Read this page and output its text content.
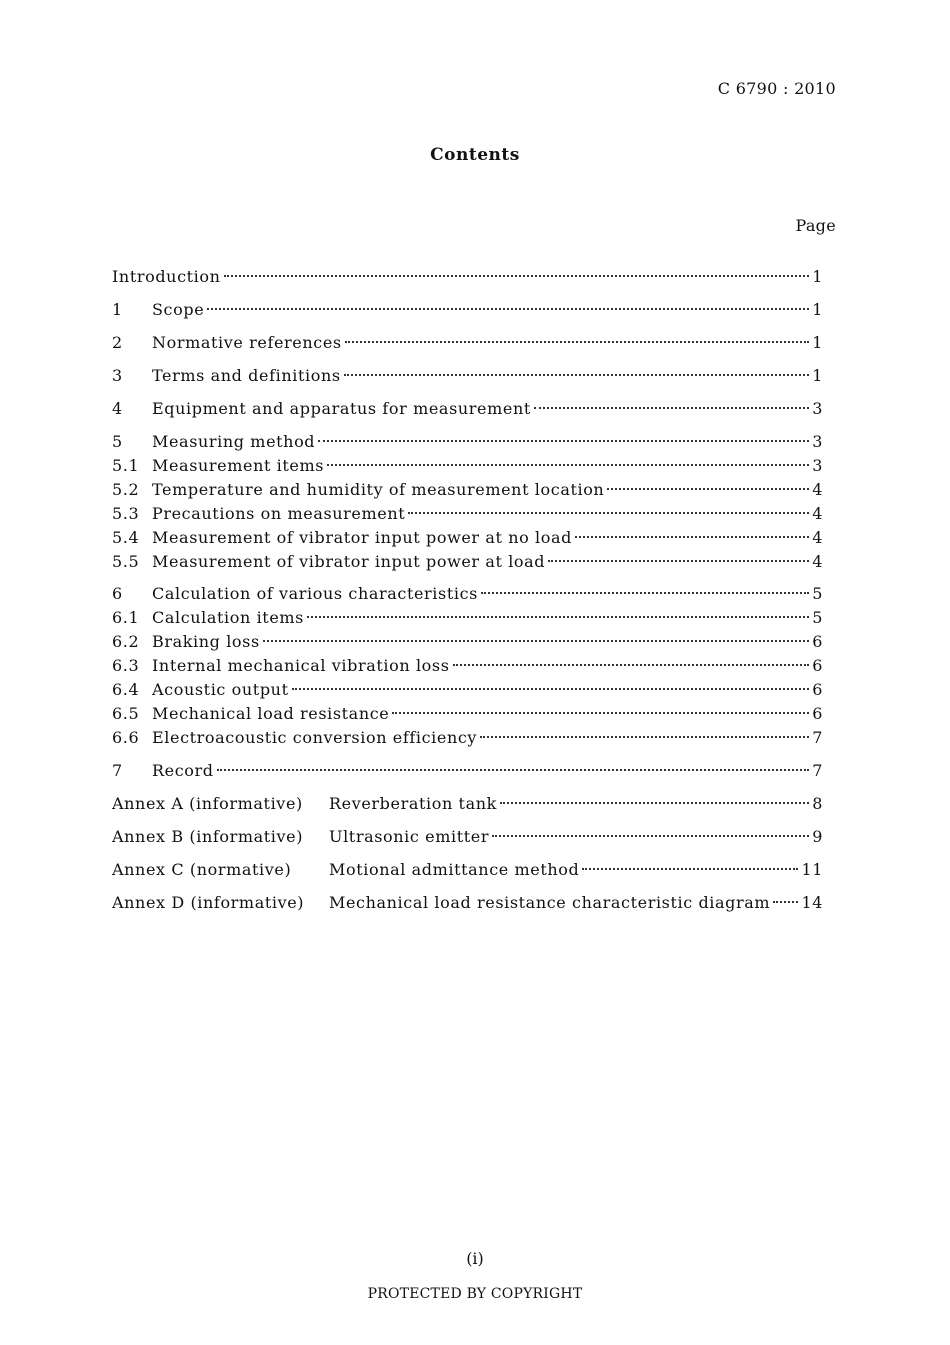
C 6790 : 2010
Contents
Page
Introduction	1
1	Scope	1
2	Normative references	1
3	Terms and definitions	1
4	Equipment and apparatus for measurement	3
5	Measuring method	3
5.1 Measurement items	3
5.2 Temperature and humidity of measurement location	4
5.3 Precautions on measurement	4
5.4 Measurement of vibrator input power at no load	4
5.5 Measurement of vibrator input power at load	4
6	Calculation of various characteristics	5
6.1 Calculation items	5
6.2 Braking loss	6
6.3 Internal mechanical vibration loss	6
6.4 Acoustic output	6
6.5 Mechanical load resistance	6
6.6 Electroacoustic conversion efficiency	7
7	Record	7
Annex A (informative)	Reverberation tank	8
Annex B (informative)	Ultrasonic emitter	9
Annex C (normative)	Motional admittance method	11
Annex D (informative)	Mechanical load resistance characteristic diagram 14
(i)
PROTECTED BY COPYRIGHT
